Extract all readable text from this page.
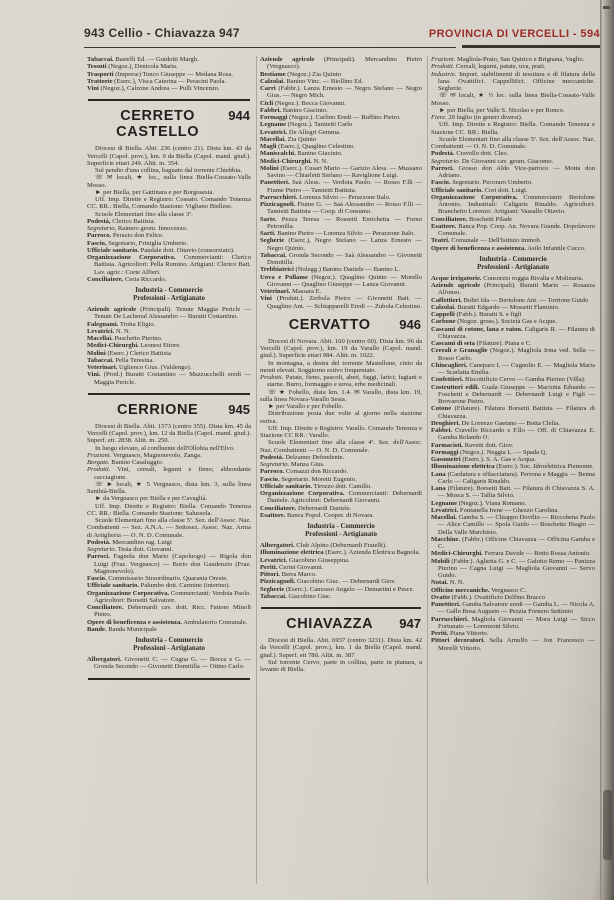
943 Cellio - Chiavazza 947	PROVINCIA DI VERCELLI - 594

Tabaccai. Bastelli Ed. — Guidotti Margh.

Tessuti (Negoz.), Denicola Maria.

Trasporti (Imprese) Tonco Giuseppe — Medana Rosa.

Trattorie (Eserc.), Visca Caterina — Peracini Paola.

Vini (Negoz.), Calzone Andrea — Pulli Vincenzo.

CERRETO CASTELLO
944

Diocesi di Biella. Abit. 236 (centro 21). Dista km. 43 da Vercelli (Capol. prov.), km. 9 da Biella (Capol. mand. giud.). Superficie ettari 249. Altit. m. 354.

Sul pendio d'una collina, bagnato dal torrente Chiebbia.

☏ ✉ locali, ★ loc., sulla linea Biella-Cossato-Valle Mosso.

► per Biella, per Gattinara e per Borgosesia.

Uff. Imp. Dirette e Registro: Cossato. Comando Tenenza CC. RR.: Biella, Comando Stazione: Vigliano Biellese.

Scuole Elementari fino alla classe 3ª.

Podestà, Clerico Battista.

Segretario, Rainero geom. Innocenzo.

Parroco. Perazio don Felice.

Fascio, Segretario, Friniglia Umberto.

Ufficiale sanitario. Pandale dott. Ottavio (consorziato).

Organizzazione Corporativa. Commercianti: Clerico Battista. Agricoltori: Pella Romino. Artigiani: Clerico Batt. Lav. agric.: Corte Alfieri.

Conciliatore. Ceria Riccardo.

Industria - Commercio
Professioni - Artigianato

Aziende agricole (Principali). Tenute Maggia Pericle — Tenute De Lachenal Alessandro — Buratti Costantino.

Falegnami. Trotta Eligio.

Levatrici. N. N.

Macellai. Puschetto Pierino.

Medici-Chirurghi. Leonesi Ettore.

Molini (Eserc.) Clerico Battista

Tabaccai. Pella Teresina.

Veterinari. Uglienco Gius. (Valdengo).

Vini. (Prod.) Buratti Costantino — Mazzucchelli eredi — Maggia Pericle.

CERRIONE	945

Diocesi di Biella. Abit. 1573 (centro 355). Dista km. 45 da Vercelli (Capol. prov.), km. 12 da Biella (Capol. mand. giud.). Superf. ett. 2838. Altit. m. 250.

In luogo elevato, al confluente dell'Ollobia nell'Elvo.

Frazioni. Vergnasco, Magnonevolo, Zanga.

Borgate. Banino Casaluggio.

Prodotti. Vini, cereali, legumi e fieno; abbondante cacciagione.

☏ ► locali, ★ 5 Vergnasco, dista km. 3, sulla linea Santhià-Biella.

► da Vergnasco per Biella e per Cavaglià.

Uff. Imp. Dirette e Registro: Biella. Comando Tenenza CC. RR.: Biella. Comando Stazione: Salussola.

Scuole Elementari fino alla classe 5ª. Sez. dell'Assoc. Naz. Combattenti — Sez. A.N.A. — Sottosez. Assoc. Naz. Arma di Artiglieria — O. N. D. Comunale.

Podestà. Mercandino rag. Luigi

Segretario. Testa dott. Giovanni.

Parroci. Fagnola don Mario (Capoluogo) — Rigola don Luigi (Fraz. Vergnasco) — Borio don Gaudenzio (Fraz. Magnonevolo).

Fascio. Commissario Straordinario. Quarania Oreste.

Ufficiale sanitario. Palumbo dott. Carmine (interino).

Organizzazione Corporativa. Commercianti: Verdoia Paolo. Agricoltori: Borsetti Salvatore.

Conciliatore. Debernardi cav. dott. Ricc. Fattore Minoli Pietro.

Opere di beneficenza e assistenza. Ambulatorio Comunale.

Bande. Banda Municipale

Industria - Commercio
Professioni - Artigianato

Albergatori. Givonetti C. — Cugna G. — Bocca e G. — Gronda Secondo — Givonetti Domitilla — Ottino Carlo.

Aziende agricole (Principali). Mercandino Pietro (Vergnasco).

Bestiame (Negoz.) Zia Quinto

Calzolai. Banino Vinc. — Biollino Ed.

Carri (Fabbr.). Lanza Ernesto — Negro Stefano — Negro Gius. — Negro Mich.

Cicli (Negoz.). Bocca Giovanni.

Fabbri. Banino Giacinto.

Formaggi (Negoz.). Carlino Eredi — Ruffino Pietro.

Legname (Negoz.). Tamietti Carlo

Levatrici. De Allegri Gemma.

Macellai. Zia Quinto

Magli (Eserc.), Quaglino Celestino.

Maniscalchi. Banino Giacinto.

Medici-Chirurghi. N. N.

Molini (Eserc.). Cusari Mario — Garizio Aless. — Mussano Savino — Chiarletti Stefano — Raviglione Luigi.

Panettieri. Saà Aless. — Verdoia Paolo. — Rosso F.lli — Fiume Pietro — Tamietti Battista.

Parrucchieri. Lorenza Silvio — Perazzone Italo.

Pizzicagnoli. Fiume G. — Saà Alessandro — Rosso F.lli — Tamietti Battista — Coop. di Consumo.

Sarte. Pezza Teresa — Rossetti Enrichetta — Forno Petronilla.

Sarti. Banino Pietro — Lorenza Silvio — Perazzone Italo.

Segherie (Eserc.), Negro Stefano — Lanza Ernesto — Negro Quinto.

Tabaccai. Gronda Secondo — Saà Alessandro — Givonetti Domitilla.

Trebbiatrici (Nolegg.) Banino Daniele — Banino L.

Uova e Pollame (Negoz.). Quaglino Quinto — Morello Giovanni — Quaglino Giuseppe — Lanza Giovanni.

Veterinari. Massara E.

Vini (Produtt.). Zerbola Pietro — Givonetti Batt. — Quaglino Ant. — Schiapparelli Eredi — Zubola Celestino.

CERVATTO	946

Diocesi di Novara. Abit. 160 (centro 60). Dista km. 96 da Vercelli (Capol. prov.), km. 19 da Varallo (Capol. mand. giud.). Superficie ettari 984. Altit. m. 1022.

In montagna, a destra del torrente Mastellone, cinto da monti elevati. Soggiorno estivo frequentato.

Prodotti. Patate, fieno, pascoli, abeti, faggi, larici; fagiani e starne. Burro, formaggio e uova, erbe medicinali.

☏ ★ Fobello, dista km. 1.4. ✉ Varallo, dista km. 19, sulla linea Novara-Varallo Sesia.

► per Varallo e per Fobello.

Distribuzione posta due volte al giorno nella stazione estiva.

Uff. Imp. Dirette e Registro: Varallo. Comando Tenenza e Stazione CC RR.: Varallo.

Scuole Elementari fino alla classe 4ª. Sez. dell'Assoc. Naz. Combattenti — O. N. D. Comunale.

Podestà. Delzanno Defendente.

Segretario. Manza Gius.

Parroco. Comazzi don Riccardo.

Fascio. Segretario. Moretti Eugenio.

Ufficiale sanitario. Tirozzo dott. Camillo.

Organizzazione Corporativa. Commercianti: Debernardi Daniele. Agricoltori: Debernardi Giovanni.

Conciliatore. Debernardi Daniele.

Esattore. Banca Popol. Cooper. di Novara.

Industria - Commercio
Professioni - Artigianato

Albergatori. Club Alpino (Debernardi Fratelli).

Illuminazione elettrica (Eserc.). Azienda Elettrica Bagnola.

Levatrici. Giacobino Giuseppina.

Periti. Cerini Giovanni.

Pittori. Berra Marco.

Pizzicagnoli. Giacobino Giac. — Debernardi Giov.

Segherie (Eserc.). Camosso Angelo — Demartini e Pesce.

Tabaccai. Giacobino Giac.

CHIAVAZZA	947

Diocesi di Biella. Abit. 6937 (centro 3231). Dista km. 42 da Vercelli (Capol. prov.), km. 1 da Biella (Capol. mand. giud.). Superf. ett 780. Altit. m. 387

Sul torrente Cervo, parte in collina, parte in pianura, a levante di Biella.

Frazioni. Magliola-Prato, San Quirico e Brignana, Vaglio.

Prodotti. Cereali, legumi, patate, uva, prati.

Industrie. Import. stabilimenti di tessitura e di filatura della lana. Ovattifici. Cappellifici. Officine meccaniche. Segherie.

☏ ✉ locali, ★ ½ loc. sulla linea Biella-Cossato-Valle Mosso.

► per Biella, per Valle S. Nicolao e per Ronco.

Fiere. 20 luglio (in generi diversi).

Uff. Imp. Dirette e Registro: Biella. Comando Tenenza e Stazione CC. RR.: Biella.

Scuole Elementari fino alla classe 5ª. Sez. dell'Assoc. Naz. Combattenti — O. N. D. Comunale.

Podestà. Cravello dott. Cleo.

Segretario. De Giovanni cav. geom. Giacomo.

Parroci. Grosso don Aldo Vice-parroco — Motta don Adriano.

Fascio. Segretario. Pecoraro Umberto.

Ufficiale sanitario. Cori dott. Luigi.

Organizzazione Corporativa. Commercianti: Bertolone Antonio. Industriali: Caligaris Rinaldo. Agricoltori: Branchetto Lorenzo. Artigiani: Vassallo Ottavio.

Conciliatore. Boschetti Pilade

Esattore. Banca Pop. Coop. An. Novara Grande. Dopolavoro Comunale.

Teatri. Comunale — Dell'Istituto immob.

Opere di beneficenza e assistenza. Asilo Infantile Cucco.

Industria - Commercio
Professioni - Artigianato

Acque irrigatorie. Consorzio roggia Rivalta e Molinaria.

Aziende agricole (Principali). Buratti Mario — Rosazza Alfonso.

Caffettieri. Boltri Ida — Bertolone Ant. — Torrione Guido

Calzolai. Buratti Edgardo — Mossetti Flaminio.

Cappelli (Fabb.). Buratti S. e figli

Carbone (Negoz. gross.). Società Gas e Acque.

Cascami di cotone, lana e raion. Caligaris R. — Filatura di Chiavazza.

Cascami di seta (Filature). Piana e C.

Cereali e Granaglie (Negoz.). Magliola Irma ved. Sella — Rosso Carlo.

Chincaglieri. Caneparo I. — Cugnolio E. — Magliola Maria — Scarlatta Emilia.

Confettieri. Biscottificio Cervo — Gamba Pierino (Villa).

Costruttori edili. Guala Giuseppe — Maciotta Edoardo — Foschetti e Debernardi — Debernardi Luigi e Figli — Brovarone Pietro.

Cotone (Filature). Filatura Borsetti Battista — Filatura di Chiavazza.

Droghieri. De Lorenzo Gaetano — Botta Clelia.

Fabbri. Cravello Riccardo e F.llo — Off. di Chiavazza E. Gamba Rolando O.

Farmacisti. Ravetti dott. Giov.

Formaggi (Negoz.). Neggia L. — Spada Q.

Gasometri (Eserc.). S. A. Gas e Acqua.

Illuminazione elettrica (Eserc.). Soc. Idroelettrica Piemonte.

Lana (Cardatura e sfilacciatura). Perrona e Maggia — Benna Carlo — Caligaris Rinaldo.

Lana (Filature). Borsetti Batt. — Filatura di Chiavazza S. A. — Mosca S. — Tallia Silvio.

Legname (Negoz.). Viana Romano.

Levatrici. Fontanella Irene — Ghezzo Carolina.

Macellai. Gamba S. — Chiappo Dovilio — Riccobena Paolo — Alice Camillo — Spola Guido — Boschetto Biagio — Della Valle Marchisio.

Macchine. (Fabbr.) Officine Chiavazza — Officina Gamba e C.

Medici-Chirurghi. Ferrara Davide — Botto Rossa Antonio.

Mobili (Fabbr.). Aglietta G. e C. — Galotto Remo — Panizza Pierino — Cagna Luigi — Magliola Giovanni — Servo Guido.

Notai. N. N.

Officine meccaniche. Vergnasco C.

Ovatte (Fabb.). Ovattificio Delfino Bracco

Panettieri. Gamba Salvatore eredi — Gamba L. — Nicola A. — Gallo Bosa Augusto — Pezzia Fornero Settimio

Parrucchieri. Magliola Giovanni — Mora Luigi — Sicco Fortunato — Lorenzoni Silvio.

Periti. Piana Vittorio.

Pittori decoratori. Sella Arnulfo — Jon Francesco — Morelli Vittorio.
